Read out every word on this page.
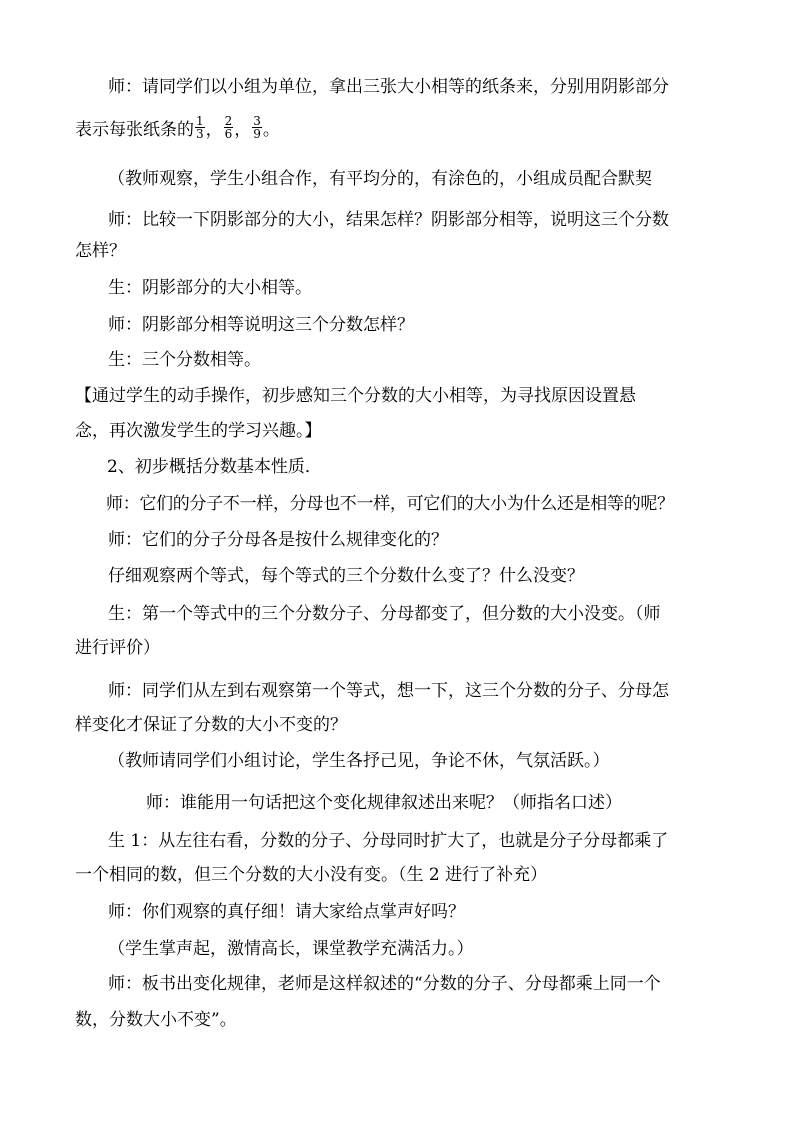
师：请同学们以小组为单位，拿出三张大小相等的纸条来，分别用阴影部分
表示每张纸条的 $\frac{1}{3}$ ， $\frac{2}{6}$ ， $\frac{3}{9}$ 。
（教师观察，学生小组合作，有平均分的，有涂色的，小组成员配合默契
师：比较一下阴影部分的大小，结果怎样？阴影部分相等，说明这三个分数
怎样？
生：阴影部分的大小相等。
师：阴影部分相等说明这三个分数怎样？
生：三个分数相等。
【通过学生的动手操作，初步感知三个分数的大小相等，为寻找原因设置悬
念，再次激发学生的学习兴趣。】
2、初步概括分数基本性质．
师：它们的分子不一样，分母也不一样，可它们的大小为什么还是相等的呢？
师：它们的分子分母各是按什么规律变化的？
仔细观察两个等式，每个等式的三个分数什么变了？什么没变？
生：第一个等式中的三个分数分子、分母都变了，但分数的大小没变。（师
进行评价）
师：同学们从左到右观察第一个等式，想一下，这三个分数的分子、分母怎
样变化才保证了分数的大小不变的？
（教师请同学们小组讨论，学生各抒己见，争论不休，气氛活跃。）
师：谁能用一句话把这个变化规律叙述出来呢？（师指名口述）
生 1：从左往右看，分数的分子、分母同时扩大了，也就是分子分母都乘了
一个相同的数，但三个分数的大小没有变。（生 2 进行了补充）
师：你们观察的真仔细！请大家给点掌声好吗？
（学生掌声起，激情高长，课堂教学充满活力。）
师：板书出变化规律，老师是这样叙述的“分数的分子、分母都乘上同一个
数，分数大小不变”。
